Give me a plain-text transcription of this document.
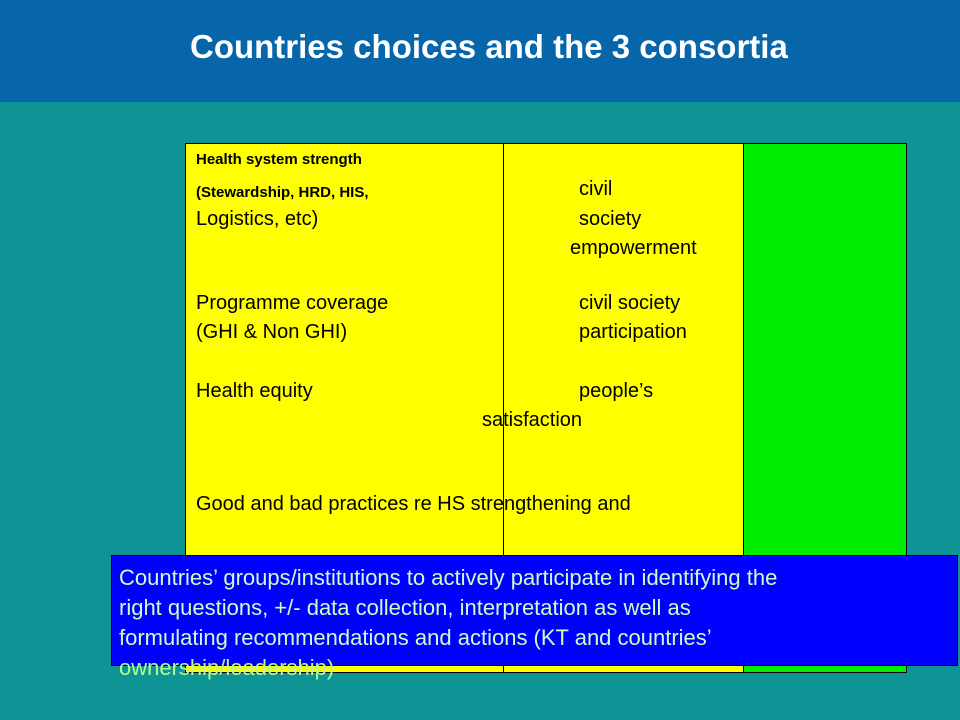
Countries choices and the 3 consortia
Health system strength
(Stewardship, HRD, HIS,
Logistics, etc)
Programme coverage
(GHI & Non GHI)
Health equity
Good and bad practices re HS strengthening and
civil
society
empowerment
civil society
participation
people’s
satisfaction
Countries’ groups/institutions to actively participate in identifying the
right questions, +/- data collection, interpretation as well as
formulating recommendations and actions (KT and countries’
ownership/leadership)
